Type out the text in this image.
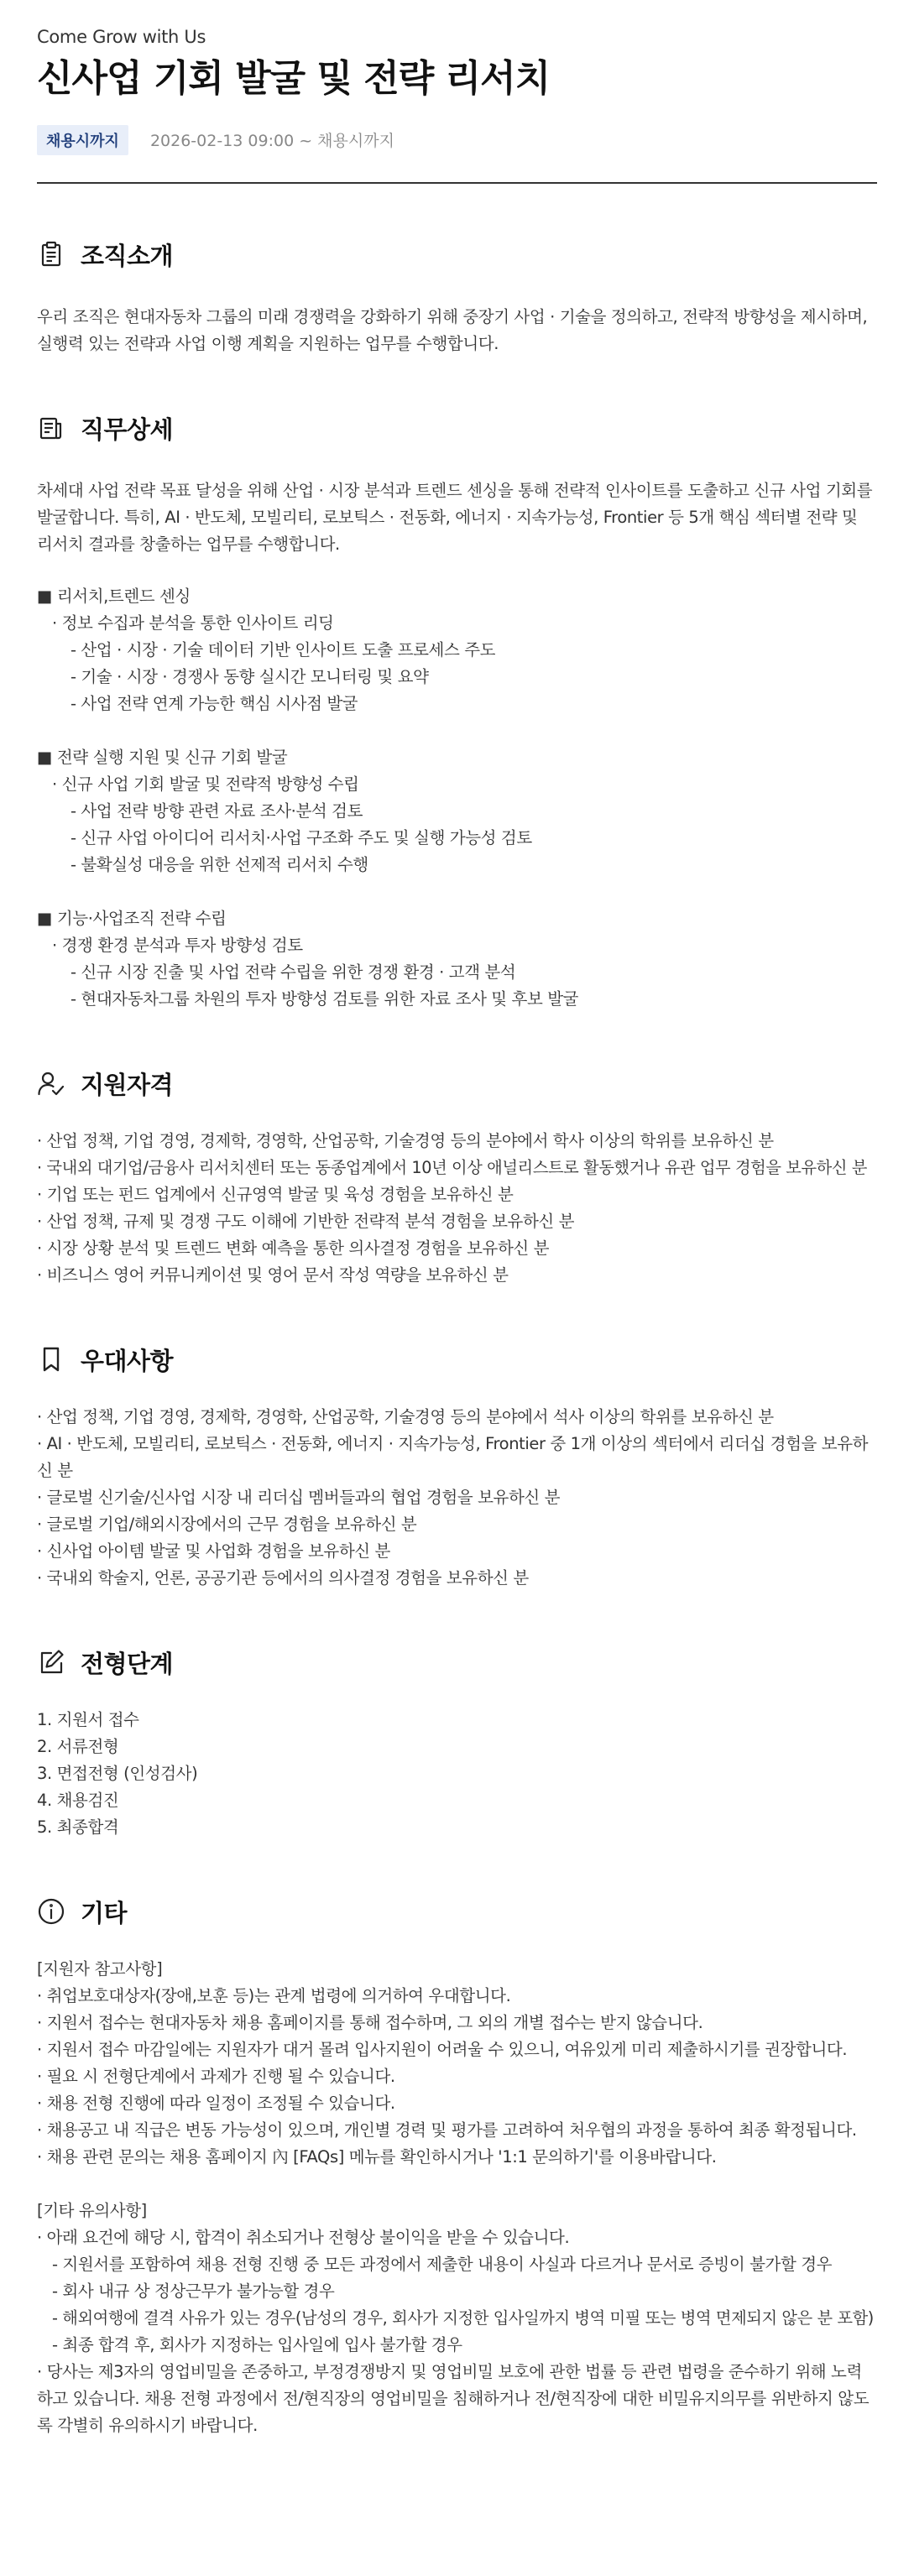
Come Grow with Us
신사업 기회 발굴 및 전략 리서치
채용시까지	2026-02-13 09:00 ~ 채용시까지
조직소개

우리 조직은 현대자동차 그룹의 미래 경쟁력을 강화하기 위해 중장기 사업 · 기술을 정의하고, 전략적 방향성을 제시하며, 실행력 있는 전략과 사업 이행 계획을 지원하는 업무를 수행합니다.

직무상세

차세대 사업 전략 목표 달성을 위해 산업 · 시장 분석과 트렌드 센싱을 통해 전략적 인사이트를 도출하고 신규 사업 기회를 발굴합니다. 특히, AI · 반도체, 모빌리티, 로보틱스 · 전동화, 에너지 · 지속가능성, Frontier 등 5개 핵심 섹터별 전략 및 리서치 결과를 창출하는 업무를 수행합니다.

■ 리서치,트렌드 센싱
· 정보 수집과 분석을 통한 인사이트 리딩
- 산업 · 시장 · 기술 데이터 기반 인사이트 도출 프로세스 주도
- 기술 · 시장 · 경쟁사 동향 실시간 모니터링 및 요약
- 사업 전략 연계 가능한 핵심 시사점 발굴
■ 전략 실행 지원 및 신규 기회 발굴
· 신규 사업 기회 발굴 및 전략적 방향성 수립
- 사업 전략 방향 관련 자료 조사·분석 검토
- 신규 사업 아이디어 리서치·사업 구조화 주도 및 실행 가능성 검토
- 불확실성 대응을 위한 선제적 리서치 수행
■ 기능·사업조직 전략 수립
· 경쟁 환경 분석과 투자 방향성 검토
- 신규 시장 진출 및 사업 전략 수립을 위한 경쟁 환경 · 고객 분석
- 현대자동차그룹 차원의 투자 방향성 검토를 위한 자료 조사 및 후보 발굴
지원자격
· 산업 정책, 기업 경영, 경제학, 경영학, 산업공학, 기술경영 등의 분야에서 학사 이상의 학위를 보유하신 분
· 국내외 대기업/금융사 리서치센터 또는 동종업계에서 10년 이상 애널리스트로 활동했거나 유관 업무 경험을 보유하신 분
· 기업 또는 펀드 업계에서 신규영역 발굴 및 육성 경험을 보유하신 분
· 산업 정책, 규제 및 경쟁 구도 이해에 기반한 전략적 분석 경험을 보유하신 분
· 시장 상황 분석 및 트렌드 변화 예측을 통한 의사결정 경험을 보유하신 분
· 비즈니스 영어 커뮤니케이션 및 영어 문서 작성 역량을 보유하신 분
우대사항
· 산업 정책, 기업 경영, 경제학, 경영학, 산업공학, 기술경영 등의 분야에서 석사 이상의 학위를 보유하신 분
· AI · 반도체, 모빌리티, 로보틱스 · 전동화, 에너지 · 지속가능성, Frontier 중 1개 이상의 섹터에서 리더십 경험을 보유하신 분
· 글로벌 신기술/신사업 시장 내 리더십 멤버들과의 협업 경험을 보유하신 분
· 글로벌 기업/해외시장에서의 근무 경험을 보유하신 분
· 신사업 아이템 발굴 및 사업화 경험을 보유하신 분
· 국내외 학술지, 언론, 공공기관 등에서의 의사결정 경험을 보유하신 분
전형단계
1. 지원서 접수
2. 서류전형
3. 면접전형 (인성검사)
4. 채용검진
5. 최종합격
기타
[지원자 참고사항]
· 취업보호대상자(장애,보훈 등)는 관계 법령에 의거하여 우대합니다.
· 지원서 접수는 현대자동차 채용 홈페이지를 통해 접수하며, 그 외의 개별 접수는 받지 않습니다.
· 지원서 접수 마감일에는 지원자가 대거 몰려 입사지원이 어려울 수 있으니, 여유있게 미리 제출하시기를 권장합니다.
· 필요 시 전형단계에서 과제가 진행 될 수 있습니다.
· 채용 전형 진행에 따라 일정이 조정될 수 있습니다.
· 채용공고 내 직급은 변동 가능성이 있으며, 개인별 경력 및 평가를 고려하여 처우협의 과정을 통하여 최종 확정됩니다.
· 채용 관련 문의는 채용 홈페이지 內 [FAQs] 메뉴를 확인하시거나 '1:1 문의하기'를 이용바랍니다.
[기타 유의사항]
· 아래 요건에 해당 시, 합격이 취소되거나 전형상 불이익을 받을 수 있습니다.
- 지원서를 포함하여 채용 전형 진행 중 모든 과정에서 제출한 내용이 사실과 다르거나 문서로 증빙이 불가할 경우
- 회사 내규 상 정상근무가 불가능할 경우
- 해외여행에 결격 사유가 있는 경우(남성의 경우, 회사가 지정한 입사일까지 병역 미필 또는 병역 면제되지 않은 분 포함)
- 최종 합격 후, 회사가 지정하는 입사일에 입사 불가할 경우
· 당사는 제3자의 영업비밀을 존중하고, 부정경쟁방지 및 영업비밀 보호에 관한 법률 등 관련 법령을 준수하기 위해 노력하고 있습니다. 채용 전형 과정에서 전/현직장의 영업비밀을 침해하거나 전/현직장에 대한 비밀유지의무를 위반하지 않도록 각별히 유의하시기 바랍니다.
